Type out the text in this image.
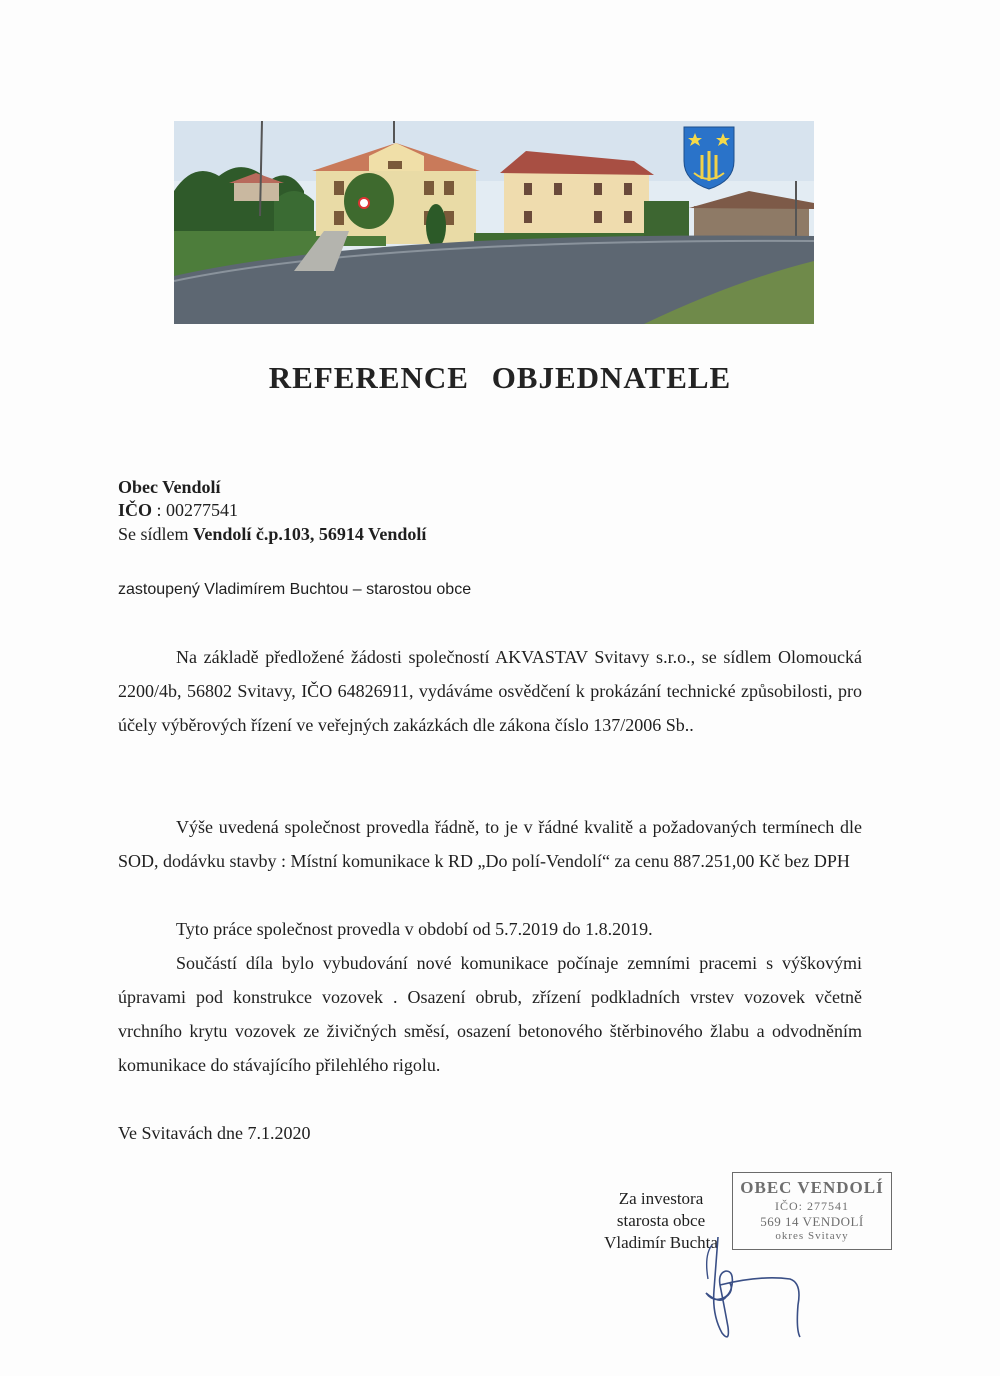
REFERENCE OBJEDNATELE
Obec Vendolí
IČO : 00277541
Se sídlem Vendolí č.p.103, 56914 Vendolí
zastoupený Vladimírem Buchtou – starostou obce
Na základě předložené žádosti společností AKVASTAV Svitavy s.r.o., se sídlem Olomoucká 2200/4b, 56802 Svitavy, IČO 64826911, vydáváme osvědčení k prokázání technické způsobilosti, pro účely výběrových řízení ve veřejných zakázkách dle zákona číslo 137/2006 Sb..
Výše uvedená společnost provedla řádně, to je v řádné kvalitě a požadovaných termínech dle SOD, dodávku stavby : Místní komunikace k RD „Do polí-Vendolí“ za cenu 887.251,00 Kč bez DPH
Tyto práce společnost provedla v období od 5.7.2019 do 1.8.2019.
Součástí díla bylo vybudování nové komunikace počínaje zemními pracemi s výškovými úpravami pod konstrukce vozovek . Osazení obrub, zřízení podkladních vrstev vozovek včetně vrchního krytu vozovek ze živičných směsí, osazení betonového štěrbinového žlabu a odvodněním komunikace do stávajícího přilehlého rigolu.
Ve Svitavách dne 7.1.2020
Za investora
starosta obce
Vladimír Buchta
OBEC VENDOLÍ
IČO: 277541
569 14 VENDOLÍ
okres Svitavy
